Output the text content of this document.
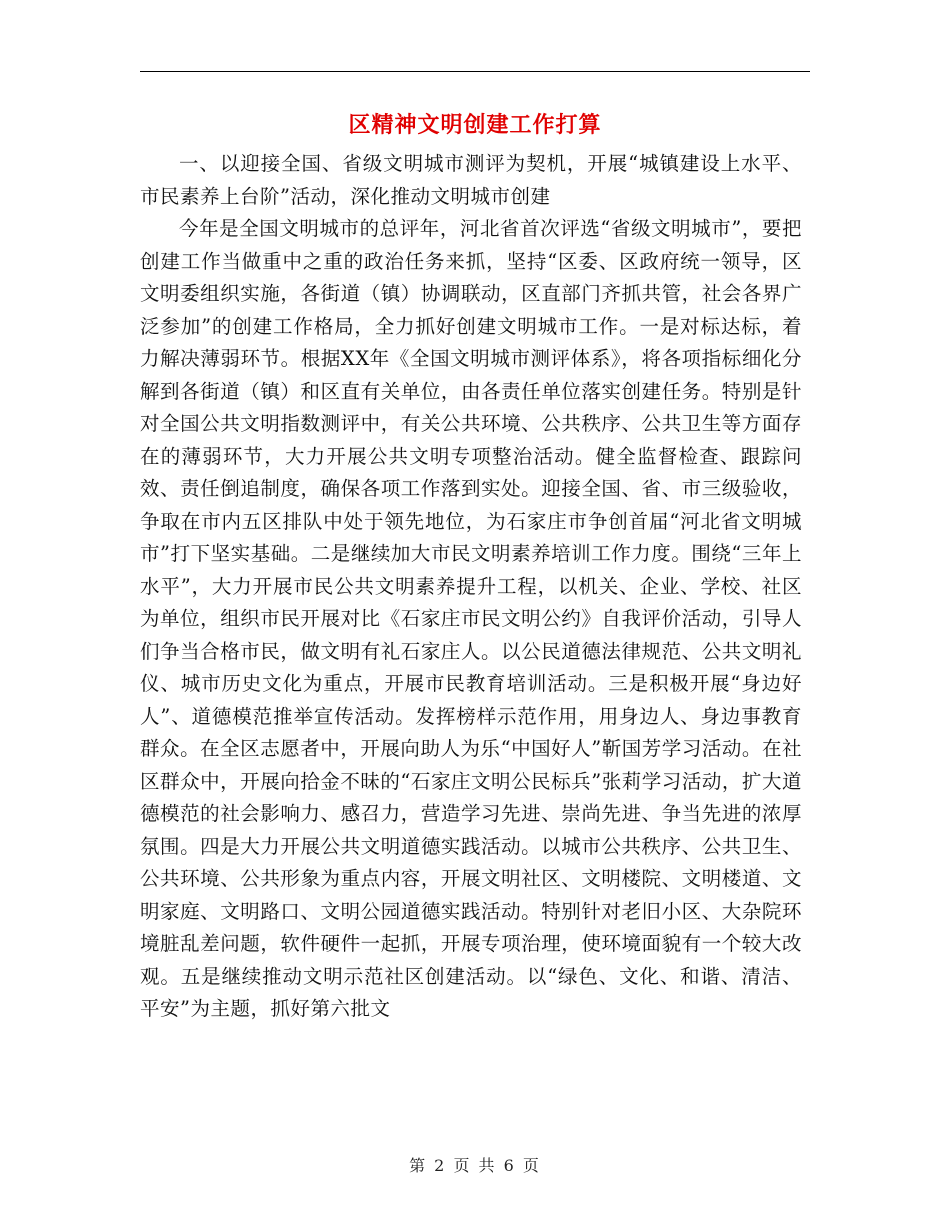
区精神文明创建工作打算

一、以迎接全国、省级文明城市测评为契机，开展“城镇建设上水平、市民素养上台阶”活动，深化推动文明城市创建

今年是全国文明城市的总评年，河北省首次评选“省级文明城市”，要把创建工作当做重中之重的政治任务来抓，坚持“区委、区政府统一领导，区文明委组织实施，各街道（镇）协调联动，区直部门齐抓共管，社会各界广泛参加”的创建工作格局，全力抓好创建文明城市工作。一是对标达标，着力解决薄弱环节。根据XX年《全国文明城市测评体系》，将各项指标细化分解到各街道（镇）和区直有关单位，由各责任单位落实创建任务。特别是针对全国公共文明指数测评中，有关公共环境、公共秩序、公共卫生等方面存在的薄弱环节，大力开展公共文明专项整治活动。健全监督检查、跟踪问效、责任倒追制度，确保各项工作落到实处。迎接全国、省、市三级验收，争取在市内五区排队中处于领先地位，为石家庄市争创首届“河北省文明城市”打下坚实基础。二是继续加大市民文明素养培训工作力度。围绕“三年上水平”，大力开展市民公共文明素养提升工程，以机关、企业、学校、社区为单位，组织市民开展对比《石家庄市民文明公约》自我评价活动，引导人们争当合格市民，做文明有礼石家庄人。以公民道德法律规范、公共文明礼仪、城市历史文化为重点，开展市民教育培训活动。三是积极开展“身边好人”、道德模范推举宣传活动。发挥榜样示范作用，用身边人、身边事教育群众。在全区志愿者中，开展向助人为乐“中国好人”靳国芳学习活动。在社区群众中，开展向拾金不昧的“石家庄文明公民标兵”张莉学习活动，扩大道德模范的社会影响力、感召力，营造学习先进、崇尚先进、争当先进的浓厚氛围。四是大力开展公共文明道德实践活动。以城市公共秩序、公共卫生、公共环境、公共形象为重点内容，开展文明社区、文明楼院、文明楼道、文明家庭、文明路口、文明公园道德实践活动。特别针对老旧小区、大杂院环境脏乱差问题，软件硬件一起抓，开展专项治理，使环境面貌有一个较大改观。五是继续推动文明示范社区创建活动。以“绿色、文化、和谐、清洁、平安”为主题，抓好第六批文

第 2 页 共 6 页
